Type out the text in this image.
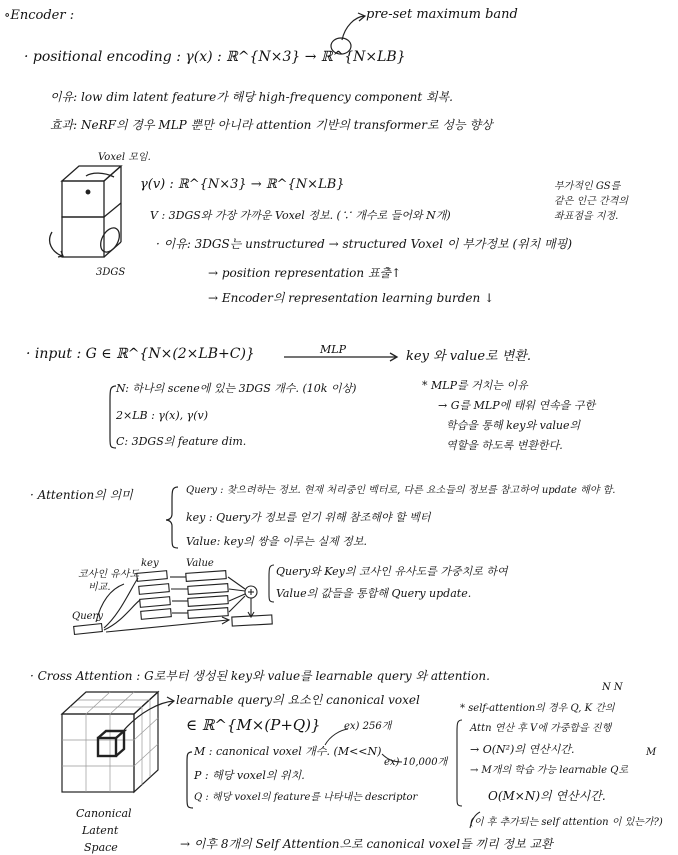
∘Encoder :	pre-set maximum band
· positional encoding : γ(x) : ℝ^{N×3} → ℝ^{N×LB}
이유: low dim latent feature가 해당 high-frequency component 회복.
효과: NeRF의 경우 MLP 뿐만 아니라 attention 기반의 transformer로 성능 향상
Voxel 모임.
γ(v) : ℝ^{N×3} → ℝ^{N×LB}
V : 3DGS와 가장 가까운 Voxel 정보. (∵ 개수로 들어와 N개)
부가적인 GS를
같은 인근 간격의
좌표점을 지정.
· 이유: 3DGS는 unstructured → structured Voxel 이 부가정보 (위치 매핑)
→ position representation 표출↑
→ Encoder의 representation learning burden ↓
3DGS
· input : G ∈ ℝ^{N×(2×LB+C)}	MLP	key 와 value로 변환.
N: 하나의 scene에 있는 3DGS 개수. (10k 이상)
2×LB : γ(x), γ(v)
C: 3DGS의 feature dim.
* MLP를 거치는 이유
→ G를 MLP에 태워 연속을 구한
학습을 통해 key와 value의
역할을 하도록 변환한다.
· Attention의 의미	Query : 찾으려하는 정보. 현재 처리중인 벡터로, 다른 요소들의 정보를 참고하여 update 해야 함.
key : Query가 정보를 얻기 위해 참조해야 할 벡터
Value: key의 쌍을 이루는 실제 정보.
key	Value
코사인 유사도
비교.
Query
Query와 Key의 코사인 유사도를 가중치로 하여
Value의 값들을 통합해 Query update.
· Cross Attention : G로부터 생성된 key와 value를 learnable query 와 attention.
learnable query의 요소인 canonical voxel
∈ ℝ^{M×(P+Q)} ex) 256개
M : canonical voxel 개수. (M<<N)
ex) 10,000개
P : 해당 voxel의 위치.
Q : 해당 voxel의 feature를 나타내는 descriptor
N N
* self-attention의 경우 Q, K 간의
Attn 연산 후 V에 가중합을 진행
→ O(N²)의 연산시간.	M
→ M개의 학습 가능 learnable Q로
O(M×N)의 연산시간.
(이 후 추가되는 self attention 이 있는가?)
Canonical
Latent
Space	→ 이후 8개의 Self Attention으로 canonical voxel들 끼리 정보 교환
